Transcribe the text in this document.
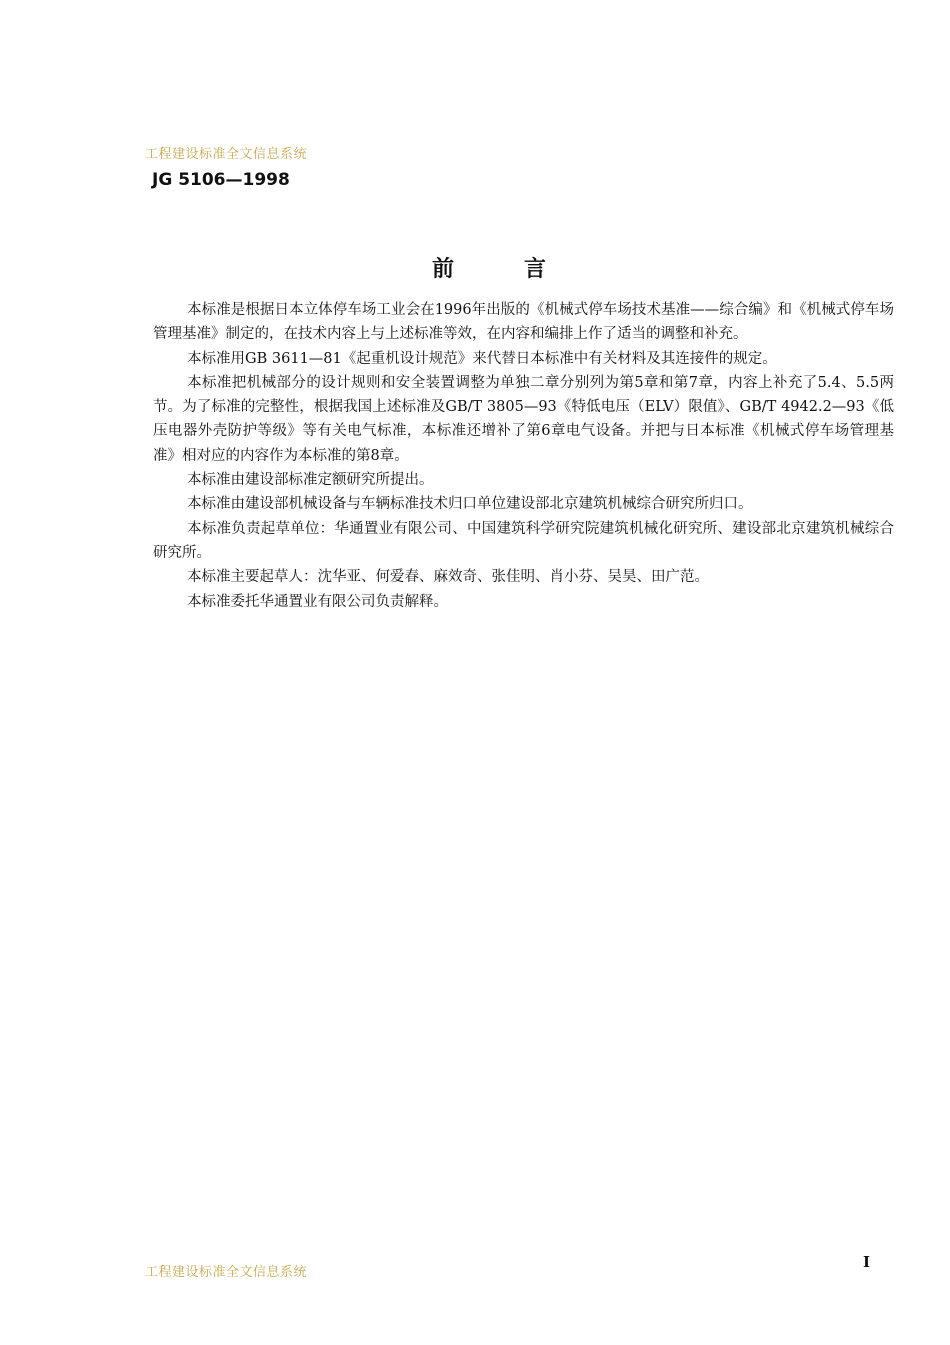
工程建设标准全文信息系统
JG 5106—1998
前言

本标准是根据日本立体停车场工业会在1996年出版的《机械式停车场技术基准——综合编》和《机械式停车场管理基准》制定的，在技术内容上与上述标准等效，在内容和编排上作了适当的调整和补充。

本标准用GB 3611—81《起重机设计规范》来代替日本标准中有关材料及其连接件的规定。

本标准把机械部分的设计规则和安全装置调整为单独二章分别列为第5章和第7章，内容上补充了5.4、5.5两节。为了标准的完整性，根据我国上述标准及GB/T 3805—93《特低电压（ELV）限值》、GB/T 4942.2—93《低压电器外壳防护等级》等有关电气标准，本标准还增补了第6章电气设备。并把与日本标准《机械式停车场管理基准》相对应的内容作为本标准的第8章。

本标准由建设部标准定额研究所提出。

本标准由建设部机械设备与车辆标准技术归口单位建设部北京建筑机械综合研究所归口。

本标准负责起草单位：华通置业有限公司、中国建筑科学研究院建筑机械化研究所、建设部北京建筑机械综合研究所。

本标准主要起草人：沈华亚、何爱春、麻效奇、张佳明、肖小芬、吴昊、田广范。

本标准委托华通置业有限公司负责解释。

工程建设标准全文信息系统
I
